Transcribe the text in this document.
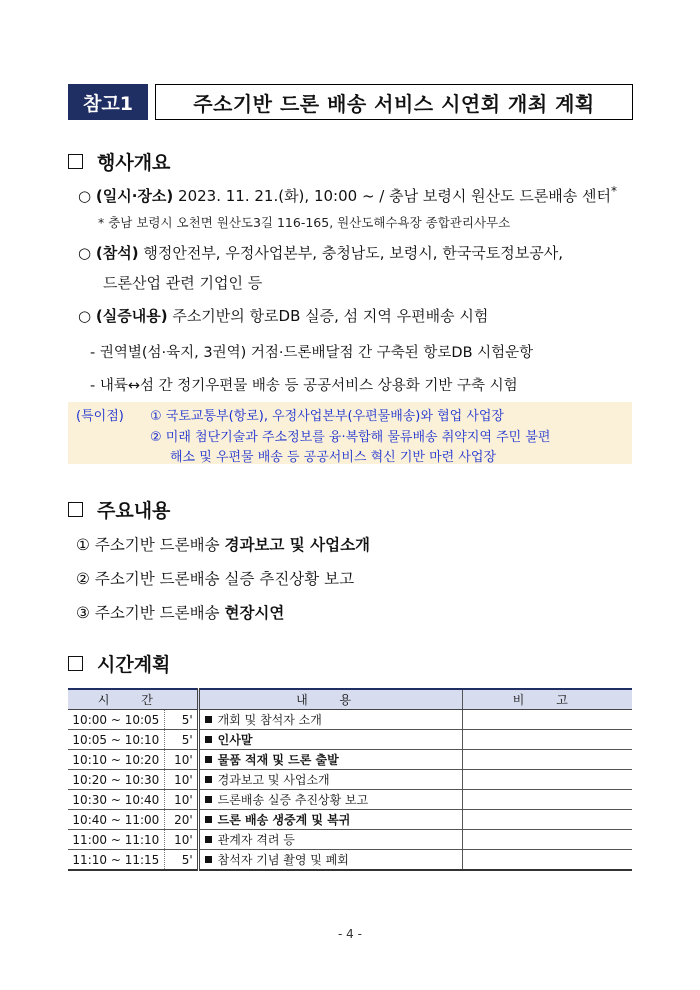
참고1	주소기반 드론 배송 서비스 시연회 개최 계획
행사개요
○ (일시·장소) 2023. 11. 21.(화), 10:00 ~ / 충남 보령시 원산도 드론배송 센터*
* 충남 보령시 오천면 원산도3길 116-165, 원산도해수욕장 종합관리사무소
○ (참석) 행정안전부, 우정사업본부, 충청남도, 보령시, 한국국토정보공사,
드론산업 관련 기업인 등
○ (실증내용) 주소기반의 항로DB 실증, 섬 지역 우편배송 시험
- 권역별(섬·육지, 3권역) 거점·드론배달점 간 구축된 항로DB 시험운항
- 내륙↔섬 간 정기우편물 배송 등 공공서비스 상용화 기반 구축 시험
(특이점) ① 국토교통부(항로), 우정사업본부(우편물배송)와 협업 사업장
② 미래 첨단기술과 주소정보를 융·복합해 물류배송 취약지역 주민 불편
해소 및 우편물 배송 등 공공서비스 혁신 기반 마련 사업장
주요내용
① 주소기반 드론배송 경과보고 및 사업소개
② 주소기반 드론배송 실증 추진상황 보고
③ 주소기반 드론배송 현장시연
시간계획
시 간		내 용	비 고
10:00 ~ 10:05	5'	개회 및 참석자 소개	
10:05 ~ 10:10	5'	인사말	
10:10 ~ 10:20	10'	물품 적재 및 드론 출발	
10:20 ~ 10:30	10'	경과보고 및 사업소개	
10:30 ~ 10:40	10'	드론배송 실증 추진상황 보고	
10:40 ~ 11:00	20'	드론 배송 생중계 및 복귀	
11:00 ~ 11:10	10'	관계자 격려 등	
11:10 ~ 11:15	5'	참석자 기념 촬영 및 폐회	
- 4 -
